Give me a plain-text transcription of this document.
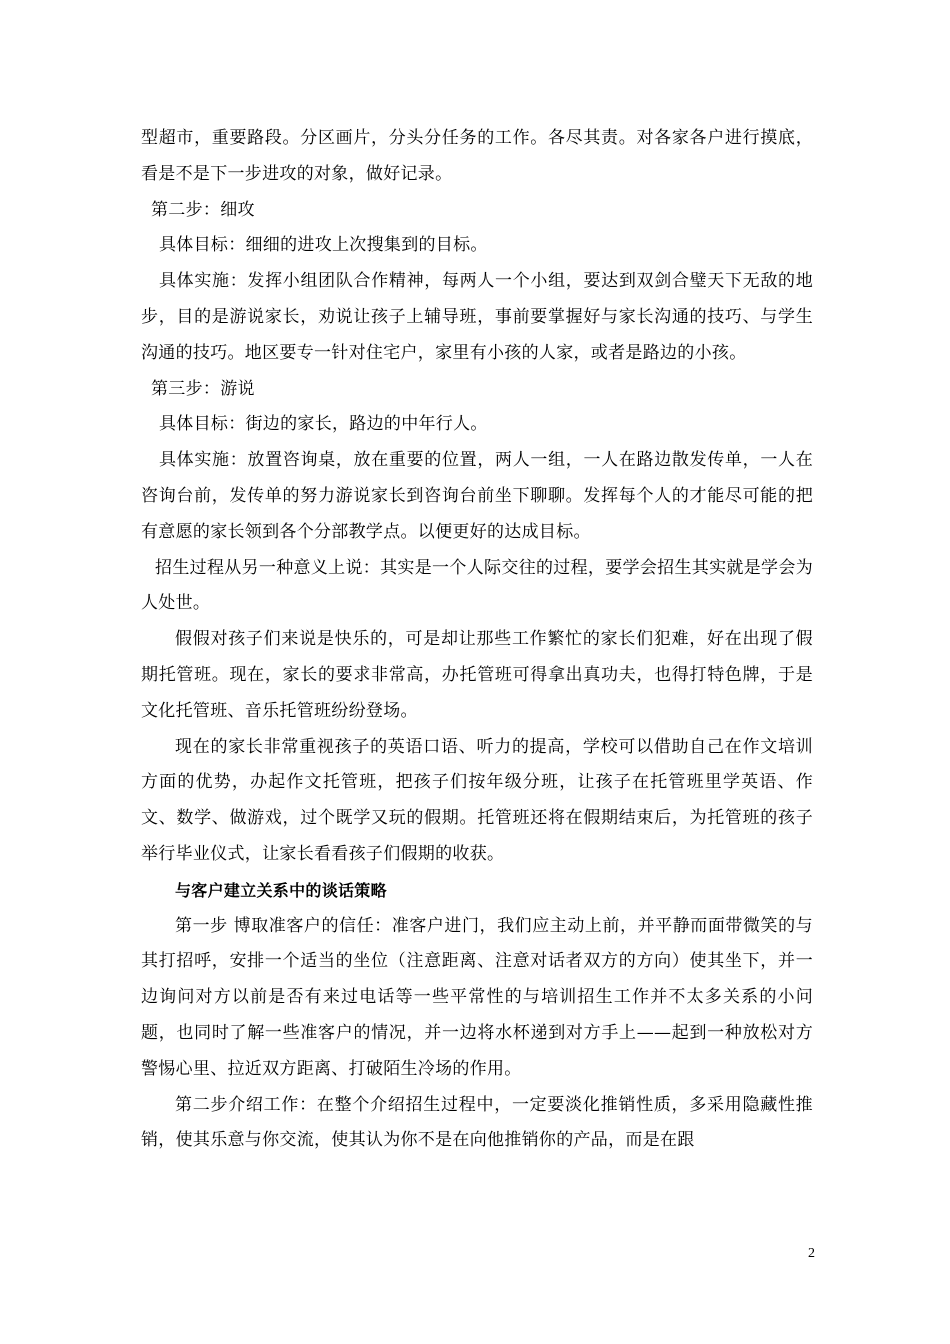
型超市，重要路段。分区画片，分头分任务的工作。各尽其责。对各家各户进行摸底，看是不是下一步进攻的对象，做好记录。

第二步：细攻

具体目标：细细的进攻上次搜集到的目标。

具体实施：发挥小组团队合作精神，每两人一个小组，要达到双剑合璧天下无敌的地步，目的是游说家长，劝说让孩子上辅导班，事前要掌握好与家长沟通的技巧、与学生沟通的技巧。地区要专一针对住宅户，家里有小孩的人家，或者是路边的小孩。

第三步：游说

具体目标：街边的家长，路边的中年行人。

具体实施：放置咨询桌，放在重要的位置，两人一组，一人在路边散发传单，一人在咨询台前，发传单的努力游说家长到咨询台前坐下聊聊。发挥每个人的才能尽可能的把有意愿的家长领到各个分部教学点。以便更好的达成目标。

招生过程从另一种意义上说：其实是一个人际交往的过程，要学会招生其实就是学会为人处世。

假假对孩子们来说是快乐的，可是却让那些工作繁忙的家长们犯难，好在出现了假期托管班。现在，家长的要求非常高，办托管班可得拿出真功夫，也得打特色牌，于是文化托管班、音乐托管班纷纷登场。

现在的家长非常重视孩子的英语口语、听力的提高，学校可以借助自己在作文培训方面的优势，办起作文托管班，把孩子们按年级分班，让孩子在托管班里学英语、作文、数学、做游戏，过个既学又玩的假期。托管班还将在假期结束后，为托管班的孩子举行毕业仪式，让家长看看孩子们假期的收获。

与客户建立关系中的谈话策略

第一步 博取准客户的信任：准客户进门，我们应主动上前，并平静而面带微笑的与其打招呼，安排一个适当的坐位（注意距离、注意对话者双方的方向）使其坐下，并一边询问对方以前是否有来过电话等一些平常性的与培训招生工作并不太多关系的小问题，也同时了解一些准客户的情况，并一边将水杯递到对方手上——起到一种放松对方警惕心里、拉近双方距离、打破陌生冷场的作用。

第二步介绍工作：在整个介绍招生过程中，一定要淡化推销性质，多采用隐藏性推销，使其乐意与你交流，使其认为你不是在向他推销你的产品，而是在跟

2
